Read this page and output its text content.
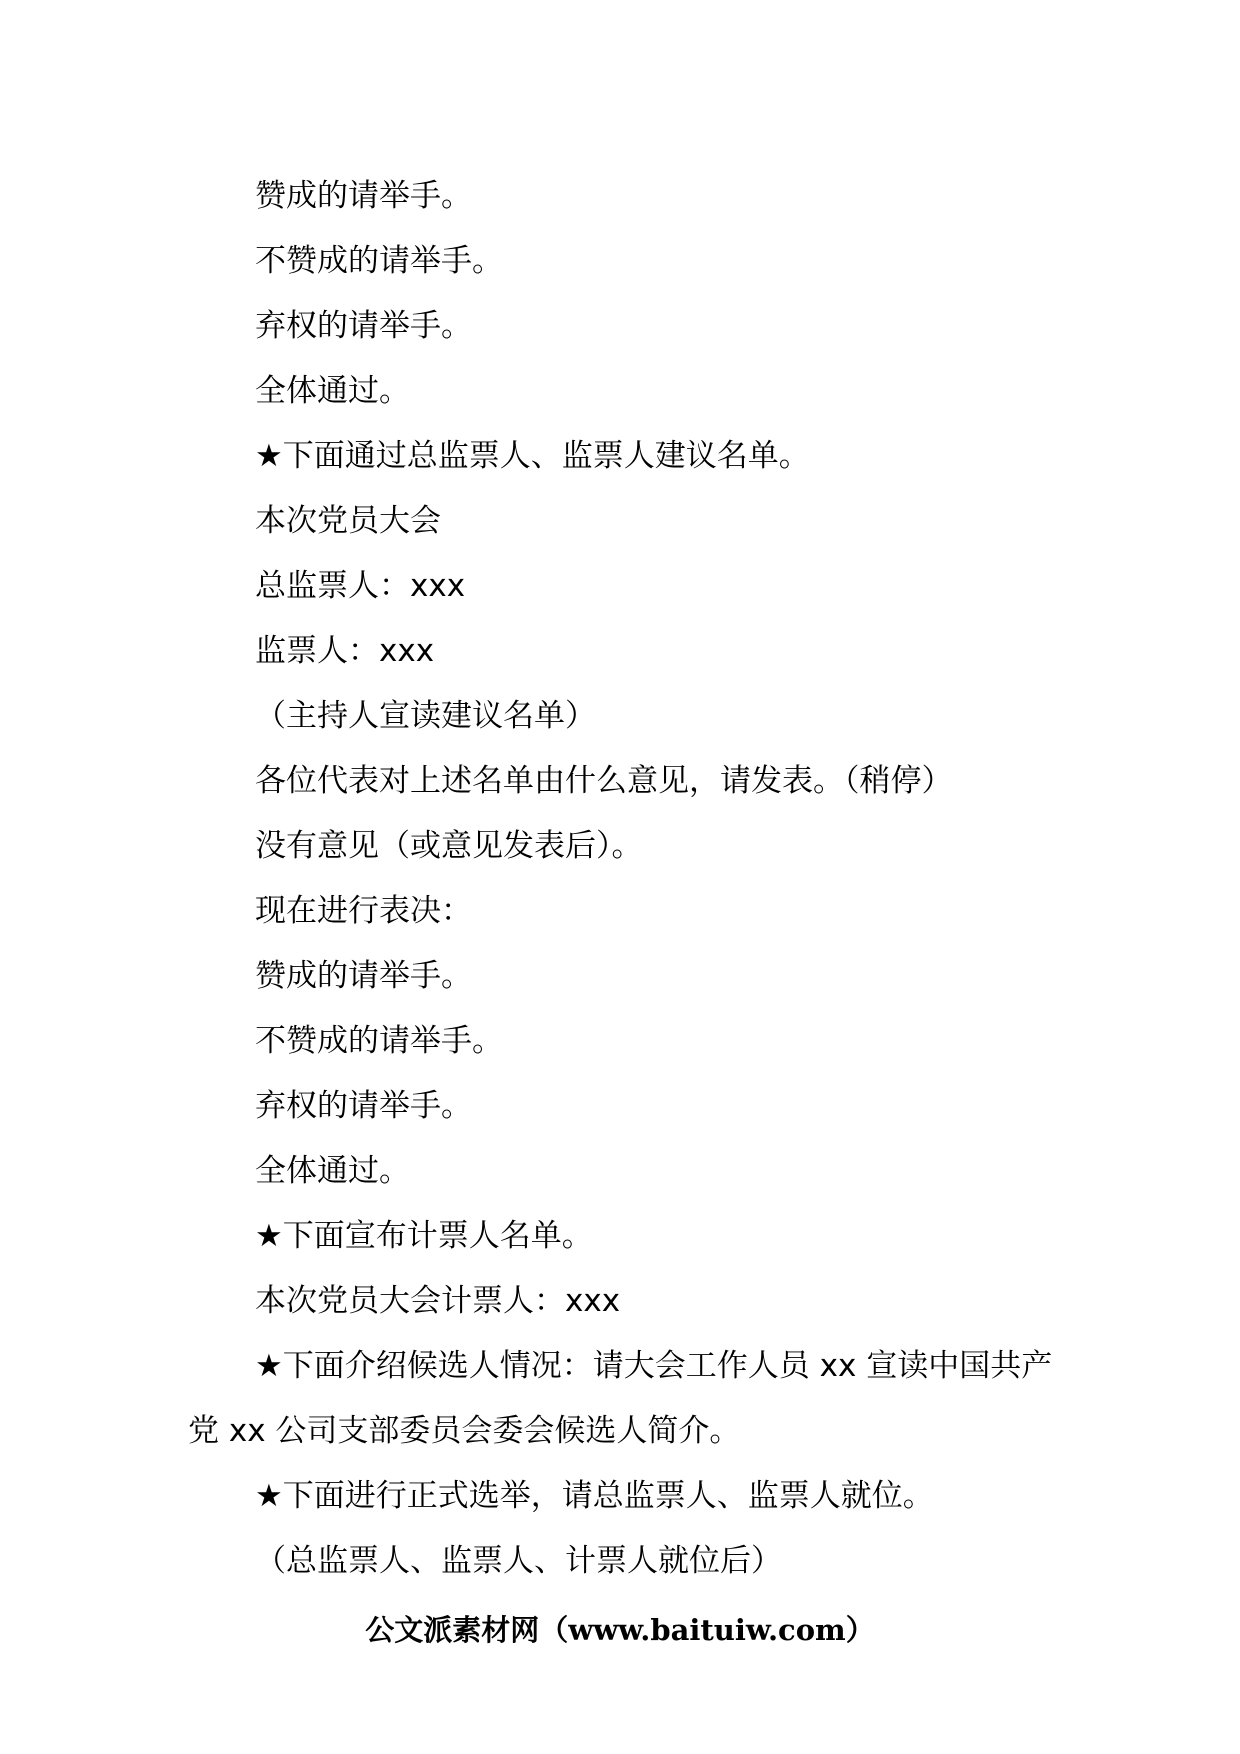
赞成的请举手。

不赞成的请举手。

弃权的请举手。

全体通过。

★下面通过总监票人、监票人建议名单。

本次党员大会

总监票人：xxx

监票人：xxx

（主持人宣读建议名单）

各位代表对上述名单由什么意见，请发表。（稍停）

没有意见（或意见发表后）。

现在进行表决：

赞成的请举手。

不赞成的请举手。

弃权的请举手。

全体通过。

★下面宣布计票人名单。

本次党员大会计票人：xxx

★下面介绍候选人情况：请大会工作人员 xx 宣读中国共产党 xx 公司支部委员会委会候选人简介。

★下面进行正式选举，请总监票人、监票人就位。

（总监票人、监票人、计票人就位后）

公文派素材网（www.baituiw.com）
